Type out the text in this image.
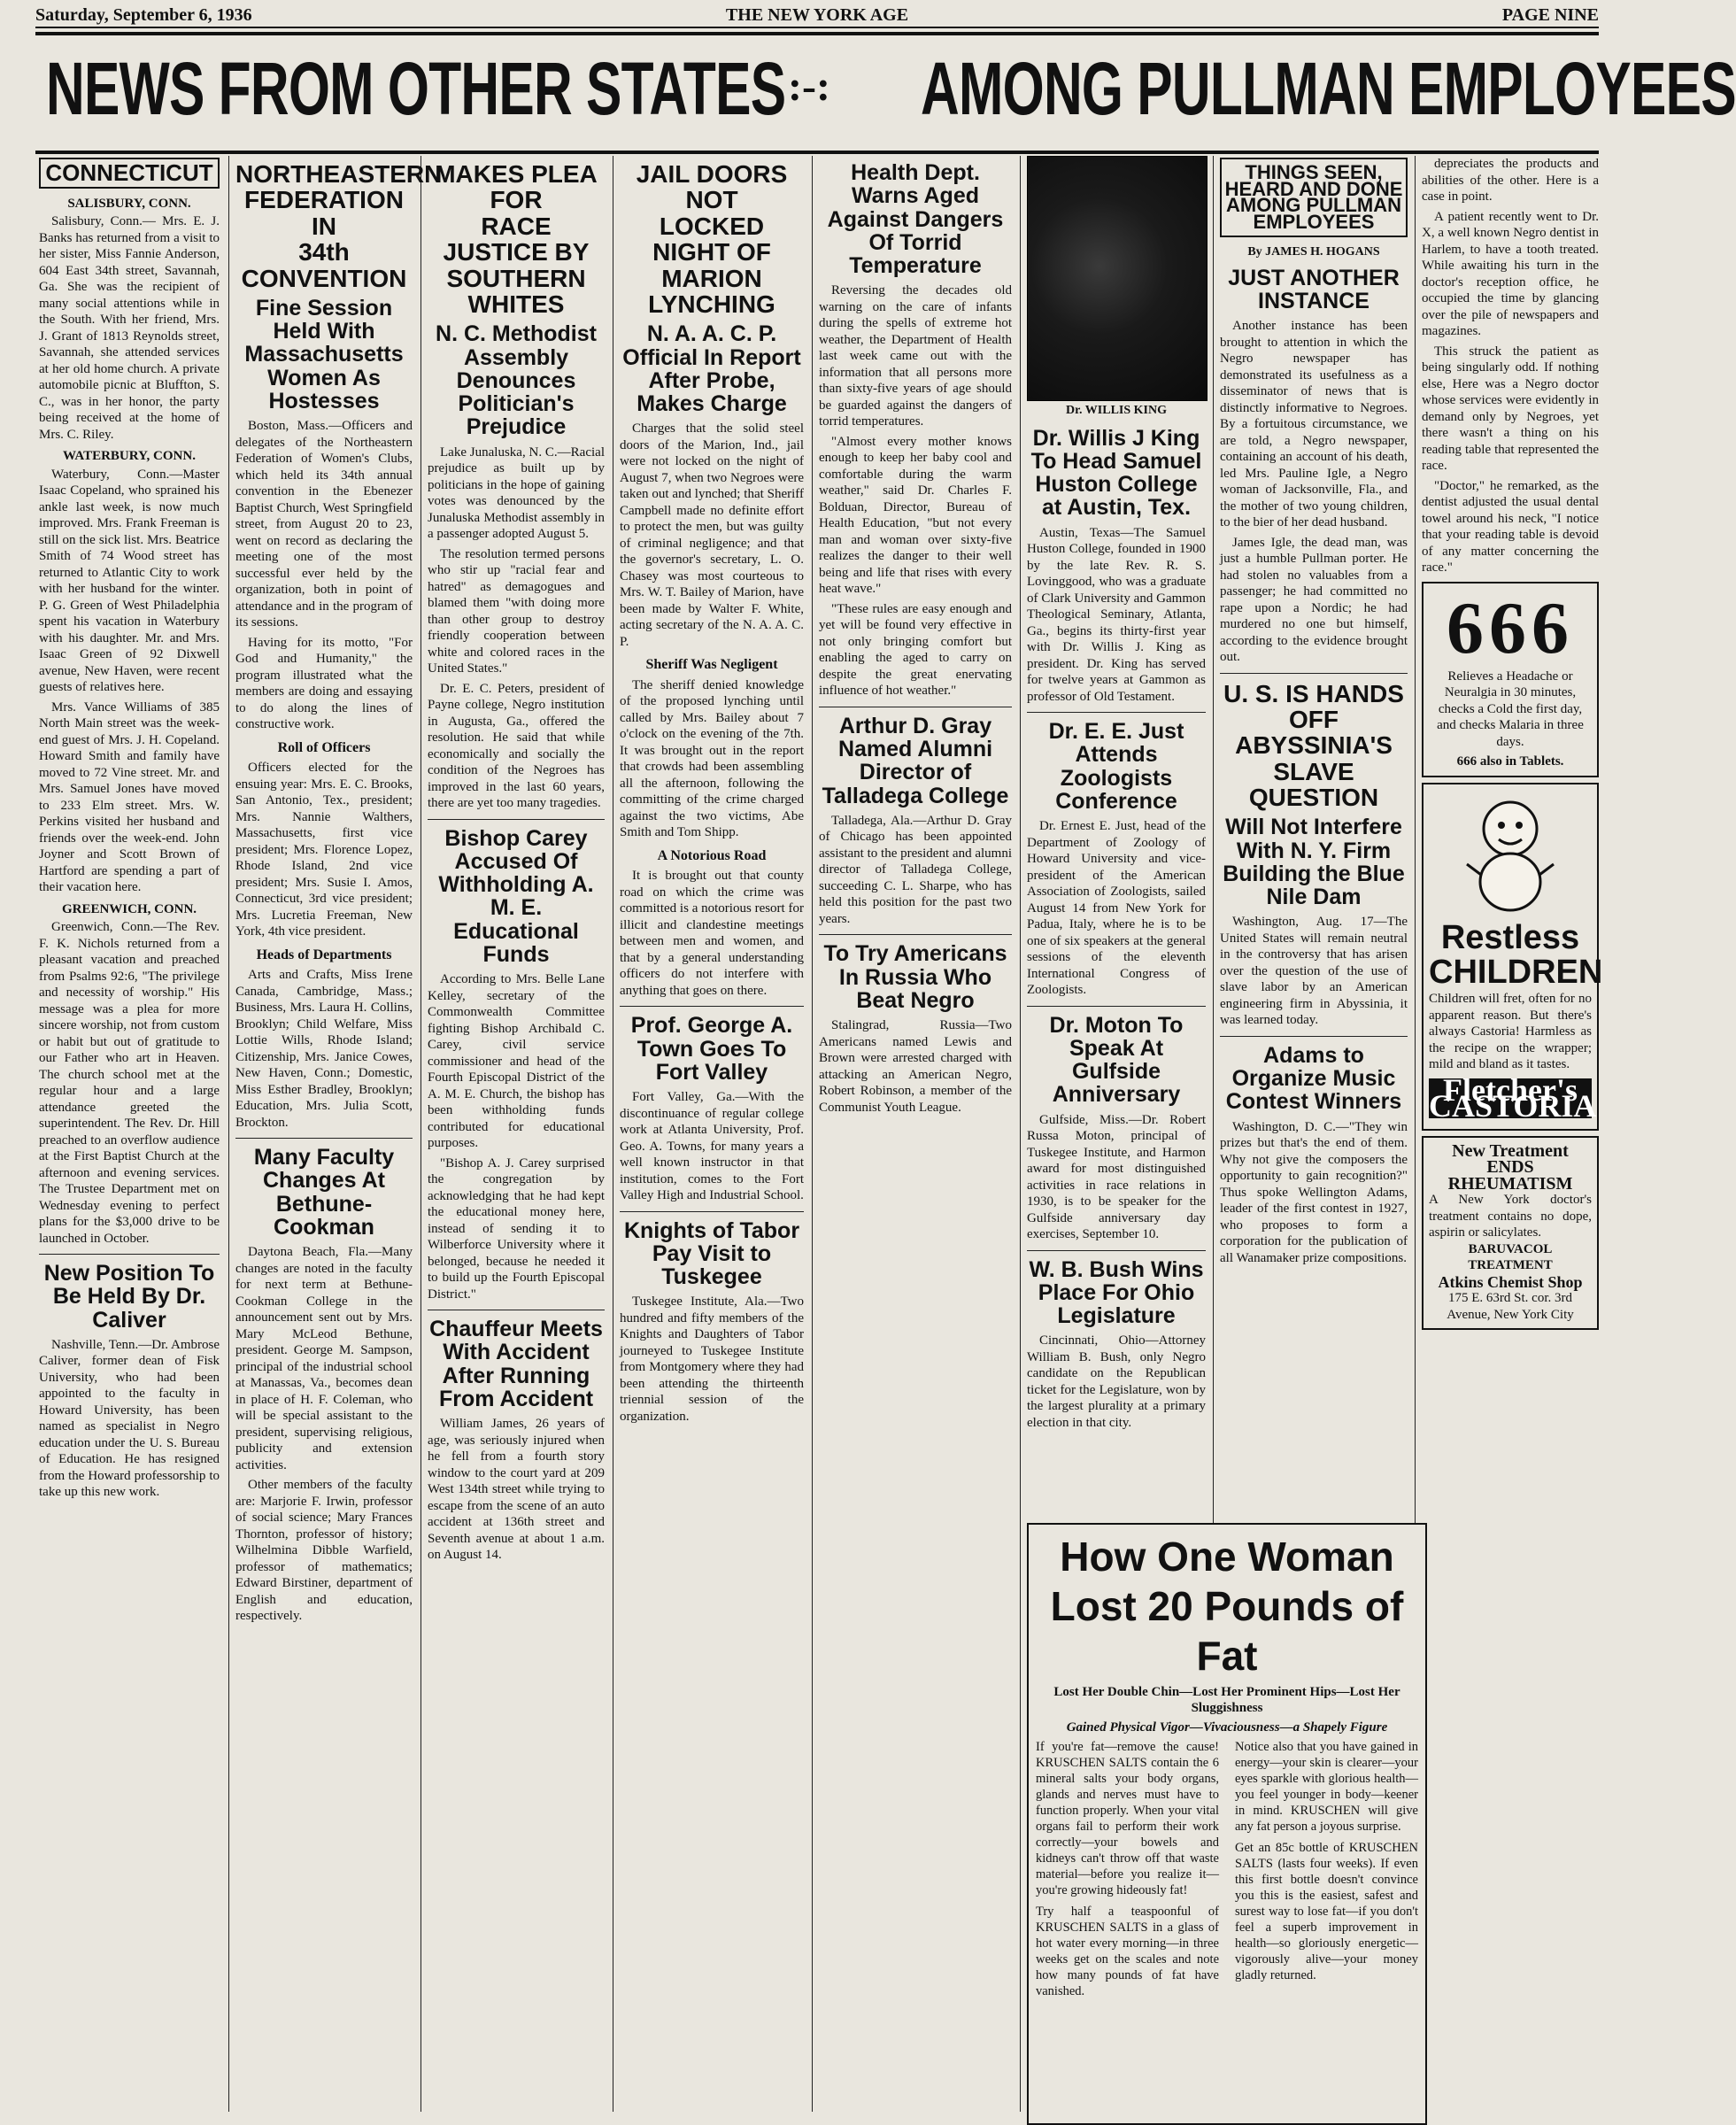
Saturday, September 6, 1936	THE NEW YORK AGE	PAGE NINE
NEWS FROM OTHER STATES :-: AMONG PULLMAN EMPLOYEES
CONNECTICUT
SALISBURY, CONN.

Salisbury, Conn.— Mrs. E. J. Banks has returned from a visit to her sister, Miss Fannie Anderson, 604 East 34th street, Savannah, Ga. She was the recipient of many social attentions while in the South. With her friend, Mrs. J. Grant of 1813 Reynolds street, Savannah, she attended services at her old home church. A private automobile picnic at Bluffton, S. C., was in her honor, the party being received at the home of Mrs. C. Riley.

WATERBURY, CONN.

Waterbury, Conn.—Master Isaac Copeland, who sprained his ankle last week, is now much improved. Mrs. Frank Freeman is still on the sick list. Mrs. Beatrice Smith of 74 Wood street has returned to Atlantic City to work with her husband for the winter. P. G. Green of West Philadelphia spent his vacation in Waterbury with his daughter. Mr. and Mrs. Isaac Green of 92 Dixwell avenue, New Haven, were recent guests of relatives here.

Mrs. Vance Williams of 385 North Main street was the week-end guest of Mrs. J. H. Copeland. Howard Smith and family have moved to 72 Vine street. Mr. and Mrs. Samuel Jones have moved to 233 Elm street. Mrs. W. Perkins visited her husband and friends over the week-end. John Joyner and Scott Brown of Hartford are spending a part of their vacation here.

GREENWICH, CONN.

Greenwich, Conn.—The Rev. F. K. Nichols returned from a pleasant vacation and preached from Psalms 92:6, "The privilege and necessity of worship." His message was a plea for more sincere worship, not from custom or habit but out of gratitude to our Father who art in Heaven. The church school met at the regular hour and a large attendance greeted the superintendent. The Rev. Dr. Hill preached to an overflow audience at the First Baptist Church at the afternoon and evening services. The Trustee Department met on Wednesday evening to perfect plans for the $3,000 drive to be launched in October.

New Position To Be Held By Dr. Caliver

Nashville, Tenn.—Dr. Ambrose Caliver, former dean of Fisk University, who had been appointed to the faculty in Howard University, has been named as specialist in Negro education under the U. S. Bureau of Education. He has resigned from the Howard professorship to take up this new work.

NORTHEASTERN
FEDERATION IN
34th CONVENTION
Fine Session Held With Massachusetts Women As Hostesses

Boston, Mass.—Officers and delegates of the Northeastern Federation of Women's Clubs, which held its 34th annual convention in the Ebenezer Baptist Church, West Springfield street, from August 20 to 23, went on record as declaring the meeting one of the most successful ever held by the organization, both in point of attendance and in the program of its sessions.

Having for its motto, "For God and Humanity," the program illustrated what the members are doing and essaying to do along the lines of constructive work.

Roll of Officers

Officers elected for the ensuing year: Mrs. E. C. Brooks, San Antonio, Tex., president; Mrs. Nannie Walthers, Massachusetts, first vice president; Mrs. Florence Lopez, Rhode Island, 2nd vice president; Mrs. Susie I. Amos, Connecticut, 3rd vice president; Mrs. Lucretia Freeman, New York, 4th vice president.

Heads of Departments

Arts and Crafts, Miss Irene Canada, Cambridge, Mass.; Business, Mrs. Laura H. Collins, Brooklyn; Child Welfare, Miss Lottie Wills, Rhode Island; Citizenship, Mrs. Janice Cowes, New Haven, Conn.; Domestic, Miss Esther Bradley, Brooklyn; Education, Mrs. Julia Scott, Brockton.

Many Faculty Changes At Bethune-Cookman

Daytona Beach, Fla.—Many changes are noted in the faculty for next term at Bethune-Cookman College in the announcement sent out by Mrs. Mary McLeod Bethune, president. George M. Sampson, principal of the industrial school at Manassas, Va., becomes dean in place of H. F. Coleman, who will be special assistant to the president, supervising religious, publicity and extension activities.

Other members of the faculty are: Marjorie F. Irwin, professor of social science; Mary Frances Thornton, professor of history; Wilhelmina Dibble Warfield, professor of mathematics; Edward Birstiner, department of English and education, respectively.

MAKES PLEA FOR
RACE JUSTICE BY
SOUTHERN WHITES
N. C. Methodist Assembly Denounces Politician's Prejudice

Lake Junaluska, N. C.—Racial prejudice as built up by politicians in the hope of gaining votes was denounced by the Junaluska Methodist assembly in a passenger adopted August 5.

The resolution termed persons who stir up "racial fear and hatred" as demagogues and blamed them "with doing more than other group to destroy friendly cooperation between white and colored races in the United States."

Dr. E. C. Peters, president of Payne college, Negro institution in Augusta, Ga., offered the resolution. He said that while economically and socially the condition of the Negroes has improved in the last 60 years, there are yet too many tragedies.

Bishop Carey Accused Of Withholding A. M. E. Educational Funds

According to Mrs. Belle Lane Kelley, secretary of the Commonwealth Committee fighting Bishop Archibald C. Carey, civil service commissioner and head of the Fourth Episcopal District of the A. M. E. Church, the bishop has been withholding funds contributed for educational purposes.

"Bishop A. J. Carey surprised the congregation by acknowledging that he had kept the educational money here, instead of sending it to Wilberforce University where it belonged, because he needed it to build up the Fourth Episcopal District."

Chauffeur Meets With Accident After Running From Accident

William James, 26 years of age, was seriously injured when he fell from a fourth story window to the court yard at 209 West 134th street while trying to escape from the scene of an auto accident at 136th street and Seventh avenue at about 1 a.m. on August 14.

JAIL DOORS NOT
LOCKED NIGHT OF
MARION LYNCHING
N. A. A. C. P. Official In Report After Probe, Makes Charge

Charges that the solid steel doors of the Marion, Ind., jail were not locked on the night of August 7, when two Negroes were taken out and lynched; that Sheriff Campbell made no definite effort to protect the men, but was guilty of criminal negligence; and that the governor's secretary, L. O. Chasey was most courteous to Mrs. W. T. Bailey of Marion, have been made by Walter F. White, acting secretary of the N. A. A. C. P.

Sheriff Was Negligent

The sheriff denied knowledge of the proposed lynching until called by Mrs. Bailey about 7 o'clock on the evening of the 7th. It was brought out in the report that crowds had been assembling all the afternoon, following the committing of the crime charged against the two victims, Abe Smith and Tom Shipp.

A Notorious Road

It is brought out that county road on which the crime was committed is a notorious resort for illicit and clandestine meetings between men and women, and that by a general understanding officers do not interfere with anything that goes on there.

Prof. George A. Town Goes To Fort Valley

Fort Valley, Ga.—With the discontinuance of regular college work at Atlanta University, Prof. Geo. A. Towns, for many years a well known instructor in that institution, comes to the Fort Valley High and Industrial School.

Knights of Tabor Pay Visit to Tuskegee

Tuskegee Institute, Ala.—Two hundred and fifty members of the Knights and Daughters of Tabor journeyed to Tuskegee Institute from Montgomery where they had been attending the thirteenth triennial session of the organization.

Health Dept. Warns Aged Against Dangers Of Torrid Temperature

Reversing the decades old warning on the care of infants during the spells of extreme hot weather, the Department of Health last week came out with the information that all persons more than sixty-five years of age should be guarded against the dangers of torrid temperatures.

"Almost every mother knows enough to keep her baby cool and comfortable during the warm weather," said Dr. Charles F. Bolduan, Director, Bureau of Health Education, "but not every man and woman over sixty-five realizes the danger to their well being and life that rises with every heat wave."

"These rules are easy enough and yet will be found very effective in not only bringing comfort but enabling the aged to carry on despite the great enervating influence of hot weather."

Arthur D. Gray Named Alumni Director of Talladega College

Talladega, Ala.—Arthur D. Gray of Chicago has been appointed assistant to the president and alumni director of Talladega College, succeeding C. L. Sharpe, who has held this position for the past two years.

To Try Americans In Russia Who Beat Negro

Stalingrad, Russia—Two Americans named Lewis and Brown were arrested charged with attacking an American Negro, Robert Robinson, a member of the Communist Youth League.

Dr. WILLIS KING
Dr. Willis J King To Head Samuel Huston College at Austin, Tex.

Austin, Texas—The Samuel Huston College, founded in 1900 by the late Rev. R. S. Lovinggood, who was a graduate of Clark University and Gammon Theological Seminary, Atlanta, Ga., begins its thirty-first year with Dr. Willis J. King as president. Dr. King has served for twelve years at Gammon as professor of Old Testament.

Dr. E. E. Just Attends Zoologists Conference

Dr. Ernest E. Just, head of the Department of Zoology of Howard University and vice-president of the American Association of Zoologists, sailed August 14 from New York for Padua, Italy, where he is to be one of six speakers at the general sessions of the eleventh International Congress of Zoologists.

Dr. Moton To Speak At Gulfside Anniversary

Gulfside, Miss.—Dr. Robert Russa Moton, principal of Tuskegee Institute, and Harmon award for most distinguished activities in race relations in 1930, is to be speaker for the Gulfside anniversary day exercises, September 10.

W. B. Bush Wins Place For Ohio Legislature

Cincinnati, Ohio—Attorney William B. Bush, only Negro candidate on the Republican ticket for the Legislature, won by the largest plurality at a primary election in that city.

THINGS SEEN, HEARD AND DONE AMONG PULLMAN EMPLOYEES
By JAMES H. HOGANS
JUST ANOTHER INSTANCE

Another instance has been brought to attention in which the Negro newspaper has demonstrated its usefulness as a disseminator of news that is distinctly informative to Negroes. By a fortuitous circumstance, we are told, a Negro newspaper, containing an account of his death, led Mrs. Pauline Igle, a Negro woman of Jacksonville, Fla., and the mother of two young children, to the bier of her dead husband.

James Igle, the dead man, was just a humble Pullman porter. He had stolen no valuables from a passenger; he had committed no rape upon a Nordic; he had murdered no one but himself, according to the evidence brought out.

U. S. IS HANDS OFF ABYSSINIA'S SLAVE QUESTION
Will Not Interfere With N. Y. Firm Building the Blue Nile Dam

Washington, Aug. 17—The United States will remain neutral in the controversy that has arisen over the question of the use of slave labor by an American engineering firm in Abyssinia, it was learned today.

Adams to Organize Music Contest Winners

Washington, D. C.—"They win prizes but that's the end of them. Why not give the composers the opportunity to gain recognition?" Thus spoke Wellington Adams, leader of the first contest in 1927, who proposes to form a corporation for the publication of all Wanamaker prize compositions.

depreciates the products and abilities of the other. Here is a case in point.

A patient recently went to Dr. X, a well known Negro dentist in Harlem, to have a tooth treated. While awaiting his turn in the doctor's reception office, he occupied the time by glancing over the pile of newspapers and magazines.

This struck the patient as being singularly odd. If nothing else, Here was a Negro doctor whose services were evidently in demand only by Negroes, yet there wasn't a thing on his reading table that represented the race.

"Doctor," he remarked, as the dentist adjusted the usual dental towel around his neck, "I notice that your reading table is devoid of any matter concerning the race."

666
Relieves a Headache or Neuralgia in 30 minutes, checks a Cold the first day, and checks Malaria in three days.
666 also in Tablets.
Restless CHILDREN
Children will fret, often for no apparent reason. But there's always Castoria! Harmless as the recipe on the wrapper; mild and bland as it tastes.
Fletcher's CASTORIA
New Treatment ENDS RHEUMATISM
A New York doctor's treatment contains no dope, aspirin or salicylates.
BARUVACOL TREATMENT
Atkins Chemist Shop
175 E. 63rd St. cor. 3rd Avenue, New York City
How One Woman Lost 20 Pounds of Fat
Lost Her Double Chin—Lost Her Prominent Hips—Lost Her Sluggishness
Gained Physical Vigor—Vivaciousness—a Shapely Figure

If you're fat—remove the cause! KRUSCHEN SALTS contain the 6 mineral salts your body organs, glands and nerves must have to function properly. When your vital organs fail to perform their work correctly—your bowels and kidneys can't throw off that waste material—before you realize it—you're growing hideously fat!

Try half a teaspoonful of KRUSCHEN SALTS in a glass of hot water every morning—in three weeks get on the scales and note how many pounds of fat have vanished.

Notice also that you have gained in energy—your skin is clearer—your eyes sparkle with glorious health—you feel younger in body—keener in mind. KRUSCHEN will give any fat person a joyous surprise.

Get an 85c bottle of KRUSCHEN SALTS (lasts four weeks). If even this first bottle doesn't convince you this is the easiest, safest and surest way to lose fat—if you don't feel a superb improvement in health—so gloriously energetic—vigorously alive—your money gladly returned.
